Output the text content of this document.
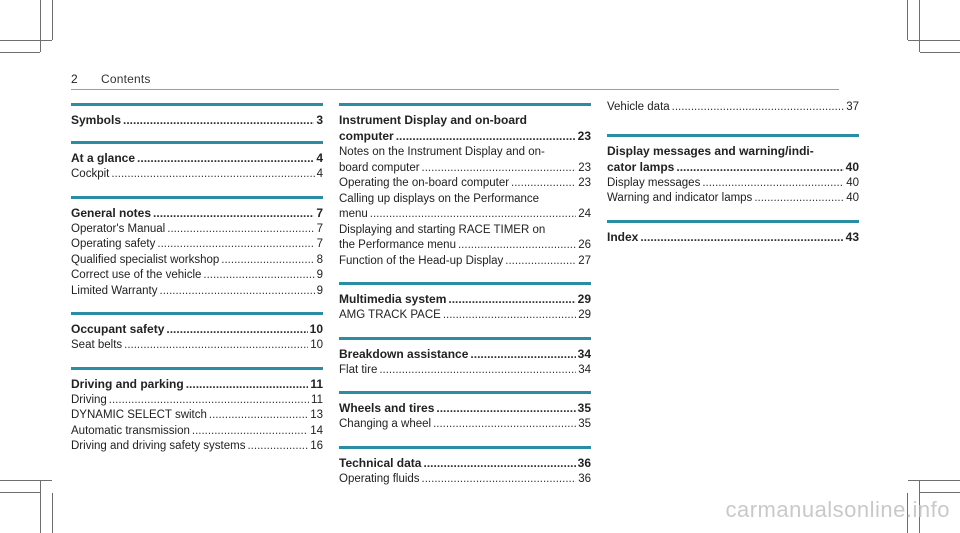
2 Contents
Symbols .....	3
At a glance .....	4
Cockpit .....	4
General notes .....	7
Operator's Manual .....	7
Operating safety .....	7
Qualified specialist workshop .....	8
Correct use of the vehicle .....	9
Limited Warranty .....	9
Occupant safety .....	10
Seat belts .....	10
Driving and parking .....	11
Driving .....	11
DYNAMIC SELECT switch .....	13
Automatic transmission .....	14
Driving and driving safety systems .....	16
Instrument Display and on-board
computer .....	23
Notes on the Instrument Display and on-
board computer .....	23
Operating the on-board computer .....	23
Calling up displays on the Performance
menu .....	24
Displaying and starting RACE TIMER on
the Performance menu .....	26
Function of the Head-up Display .....	27
Multimedia system .....	29
AMG TRACK PACE .....	29
Breakdown assistance .....	34
Flat tire .....	34
Wheels and tires .....	35
Changing a wheel .....	35
Technical data .....	36
Operating fluids .....	36
Vehicle data .....	37
Display messages and warning/indi-
cator lamps .....	40
Display messages .....	40
Warning and indicator lamps .....	40
Index .....	43
carmanualsonline.info
